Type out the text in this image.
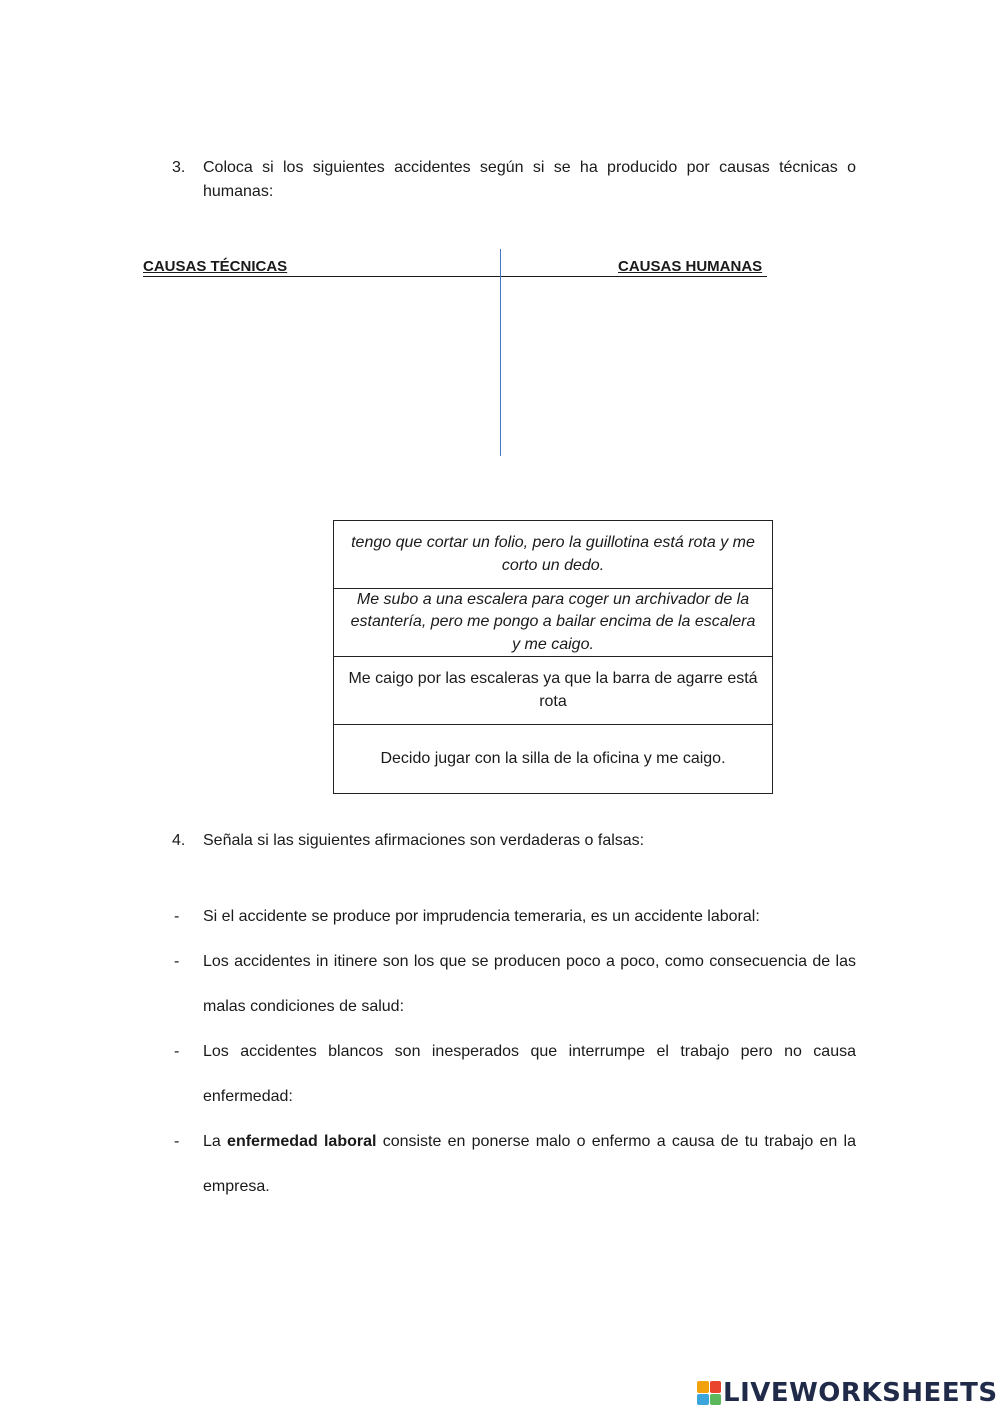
3. Coloca si los siguientes accidentes según si se ha producido por causas técnicas o humanas:
CAUSAS TÉCNICAS	CAUSAS HUMANAS
tengo que cortar un folio, pero la guillotina está rota y me corto un dedo.
Me subo a una escalera para coger un archivador de la estantería, pero me pongo a bailar encima de la escalera y me caigo.
Me caigo por las escaleras ya que la barra de agarre está rota
Decido jugar con la silla de la oficina y me caigo.
4. Señala si las siguientes afirmaciones son verdaderas o falsas:
- Si el accidente se produce por imprudencia temeraria, es un accidente laboral:
- Los accidentes in itinere son los que se producen poco a poco, como consecuencia de las malas condiciones de salud:
- Los accidentes blancos son inesperados que interrumpe el trabajo pero no causa enfermedad:
- La enfermedad laboral consiste en ponerse malo o enfermo a causa de tu trabajo en la empresa.
LIVEWORKSHEETS
